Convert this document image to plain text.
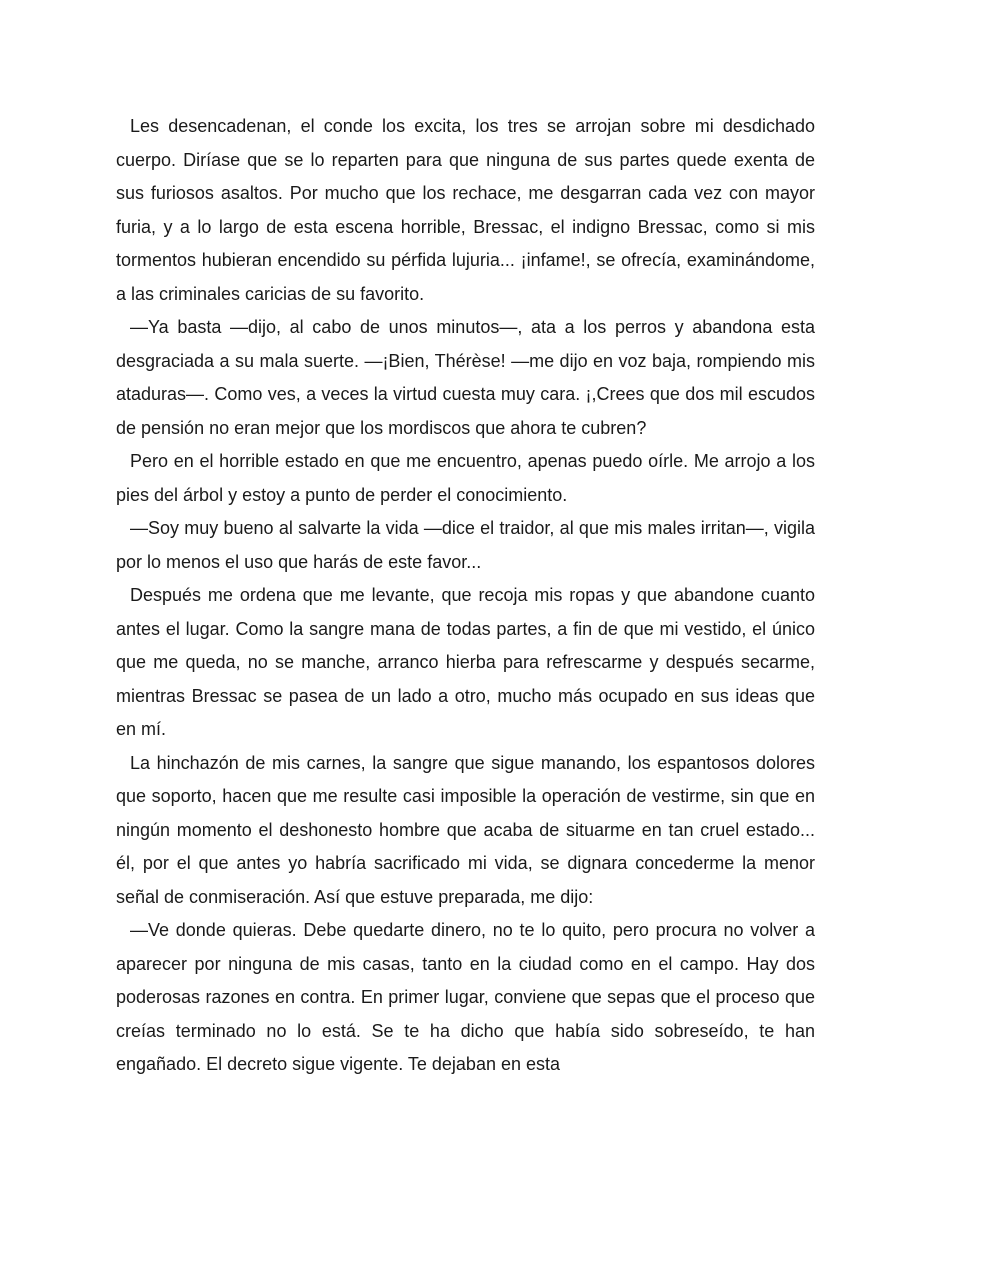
Les desencadenan, el conde los excita, los tres se arrojan sobre mi desdichado cuerpo. Diríase que se lo reparten para que ninguna de sus partes quede exenta de sus furiosos asaltos. Por mucho que los rechace, me desgarran cada vez con mayor furia, y a lo largo de esta escena horrible, Bressac, el indigno Bressac, como si mis tormentos hubieran encendido su pérfida lujuria... ¡infame!, se ofrecía, examinándome, a las criminales caricias de su favorito.

—Ya basta —dijo, al cabo de unos minutos—, ata a los perros y abandona esta desgraciada a su mala suerte. —¡Bien, Thérèse! —me dijo en voz baja, rompiendo mis ataduras—. Como ves, a veces la virtud cuesta muy cara. ¡,Crees que dos mil escudos de pensión no eran mejor que los mordiscos que ahora te cubren?

Pero en el horrible estado en que me encuentro, apenas puedo oírle. Me arrojo a los pies del árbol y estoy a punto de perder el conocimiento.

—Soy muy bueno al salvarte la vida —dice el traidor, al que mis males irritan—, vigila por lo menos el uso que harás de este favor...

Después me ordena que me levante, que recoja mis ropas y que abandone cuanto antes el lugar. Como la sangre mana de todas partes, a fin de que mi vestido, el único que me queda, no se manche, arranco hierba para refrescarme y después secarme, mientras Bressac se pasea de un lado a otro, mucho más ocupado en sus ideas que en mí.

La hinchazón de mis carnes, la sangre que sigue manando, los espantosos dolores que soporto, hacen que me resulte casi imposible la operación de vestirme, sin que en ningún momento el deshonesto hombre que acaba de situarme en tan cruel estado... él, por el que antes yo habría sacrificado mi vida, se dignara concederme la menor señal de conmiseración. Así que estuve preparada, me dijo:

—Ve donde quieras. Debe quedarte dinero, no te lo quito, pero procura no volver a aparecer por ninguna de mis casas, tanto en la ciudad como en el campo. Hay dos poderosas razones en contra. En primer lugar, conviene que sepas que el proceso que creías terminado no lo está. Se te ha dicho que había sido sobreseído, te han engañado. El decreto sigue vigente. Te dejaban en esta
